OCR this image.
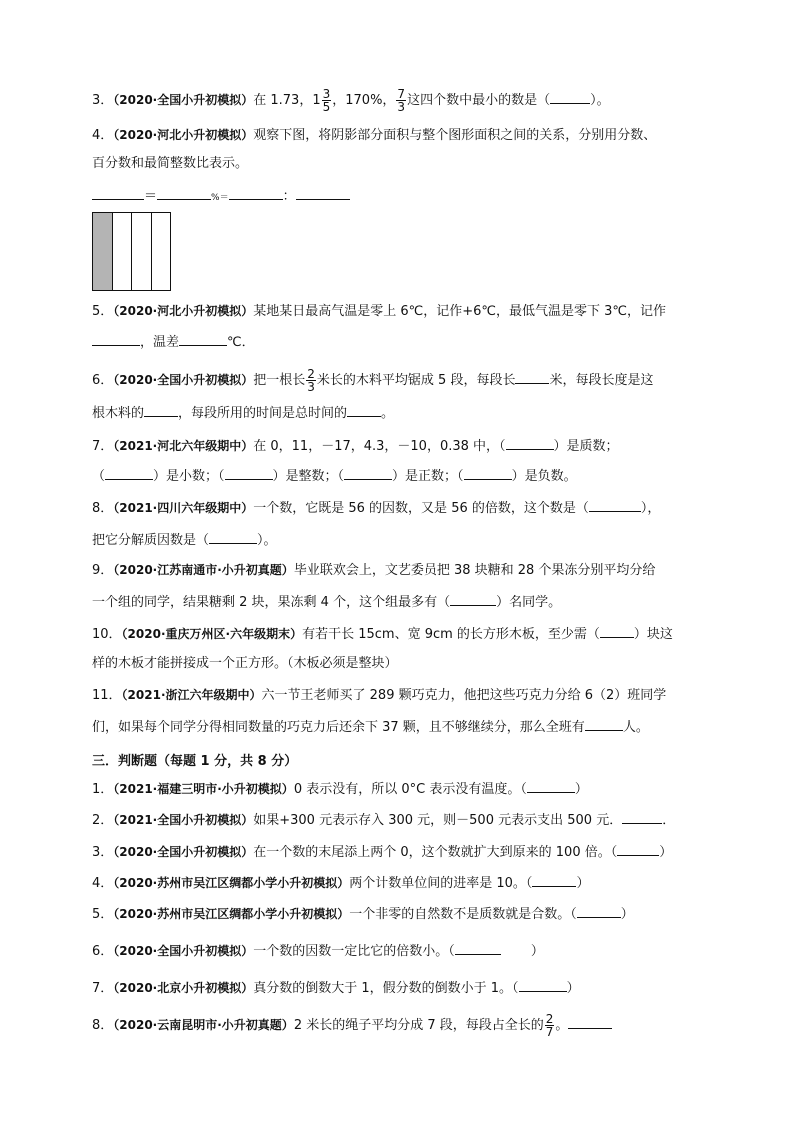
3．（2020·全国小升初模拟）在 1.73，$1 \frac{3}{5}$ ，170%， $\frac{7}{3}$ 这四个数中最小的数是（	）。
4．（2020·河北小升初模拟）观察下图，将阴影部分面积与整个图形面积之间的关系，分别用分数、
百分数和最简整数比表示。
＝	%＝	：
5．（2020·河北小升初模拟）某地某日最高气温是零上 6℃，记作+6℃，最低气温是零下 3℃，记作
，温差	℃．
6．（2020·全国小升初模拟）把一根长 $\frac{2}{3}$ 米长的木料平均锯成 5 段，每段长	米，每段长度是这
根木料的	，每段所用的时间是总时间的	。
7．（2021·河北六年级期中）在 0，11，－17，4.3，－10，0.38 中，（	）是质数；
（	）是小数；（	）是整数；（	）是正数；（	）是负数。
8．（2021·四川六年级期中）一个数，它既是 56 的因数，又是 56 的倍数，这个数是（	），
把它分解质因数是（	）。
9．（2020·江苏南通市·小升初真题）毕业联欢会上，文艺委员把 38 块糖和 28 个果冻分别平均分给
一个组的同学，结果糖剩 2 块，果冻剩 4 个，这个组最多有（	）名同学。
10．（2020·重庆万州区·六年级期末）有若干长 15cm、宽 9cm 的长方形木板，至少需（	）块这
样的木板才能拼接成一个正方形。（木板必须是整块）
11．（2021·浙江六年级期中）六一节王老师买了 289 颗巧克力，他把这些巧克力分给 6（2）班同学
们，如果每个同学分得相同数量的巧克力后还余下 37 颗，且不够继续分，那么全班有	人。
三．判断题（每题 1 分，共 8 分）
1．（2021·福建三明市·小升初模拟）0 表示没有，所以 0°C 表示没有温度。（	）
2．（2021·全国小升初模拟）如果+300 元表示存入 300 元，则－500 元表示支出 500 元．	．
3．（2020·全国小升初模拟）在一个数的末尾添上两个 0，这个数就扩大到原来的 100 倍。（	）
4．（2020·苏州市吴江区绸都小学小升初模拟）两个计数单位间的进率是 10。（	）
5．（2020·苏州市吴江区绸都小学小升初模拟）一个非零的自然数不是质数就是合数。（	）
6．（2020·全国小升初模拟）一个数的因数一定比它的倍数小。（	　　 ）
7．（2020·北京小升初模拟）真分数的倒数大于 1，假分数的倒数小于 1。（	）
8．（2020·云南昆明市·小升初真题）2 米长的绳子平均分成 7 段，每段占全长的 $\frac{2}{7}$ 。
